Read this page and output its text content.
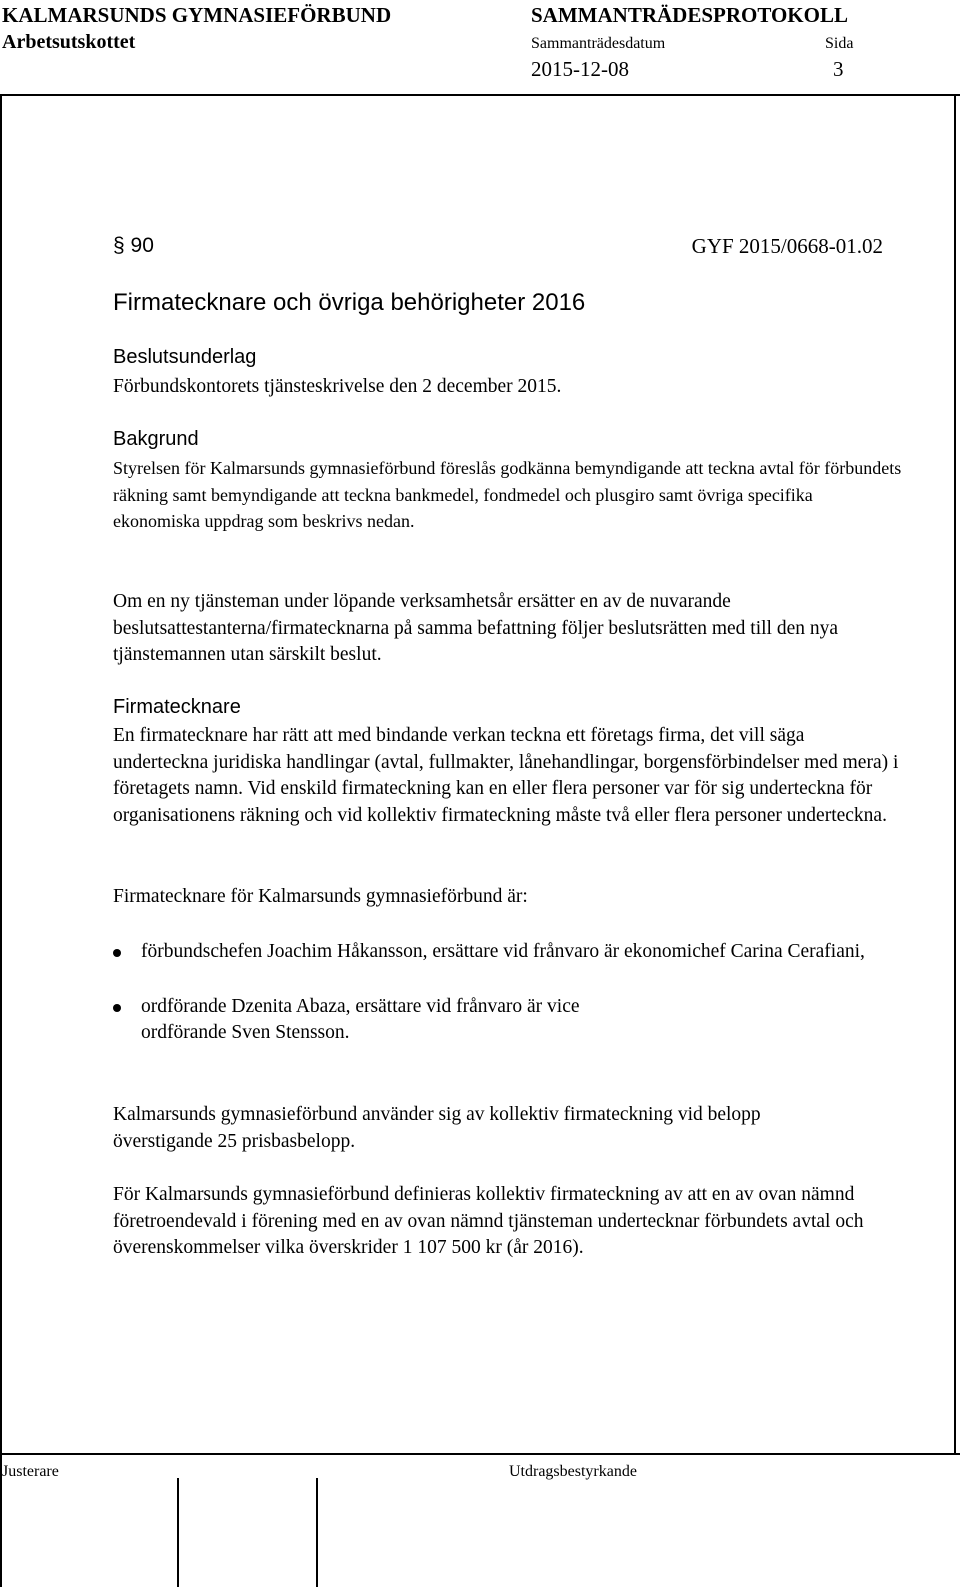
KALMARSUNDS GYMNASIEFÖRBUND	SAMMANTRÄDESPROTOKOLL
Arbetsutskottet	Sammanträdesdatum	Sida
2015-12-08	3
§ 90	GYF 2015/0668-01.02
Firmatecknare och övriga behörigheter 2016
Beslutsunderlag
Förbundskontorets tjänsteskrivelse den 2 december 2015.
Bakgrund
Styrelsen för Kalmarsunds gymnasieförbund föreslås godkänna bemyndigande att teckna avtal för förbundets räkning samt bemyndigande att teckna bankmedel, fondmedel och plusgiro samt övriga specifika ekonomiska uppdrag som beskrivs nedan.
Om en ny tjänsteman under löpande verksamhetsår ersätter en av de nuvarande beslutsattestanterna/firmatecknarna på samma befattning följer beslutsrätten med till den nya tjänstemannen utan särskilt beslut.
Firmatecknare
En firmatecknare har rätt att med bindande verkan teckna ett företags firma, det vill säga underteckna juridiska handlingar (avtal, fullmakter, lånehandlingar, borgensförbindelser med mera) i företagets namn. Vid enskild firmateckning kan en eller flera personer var för sig underteckna för organisationens räkning och vid kollektiv firmateckning måste två eller flera personer underteckna.
Firmatecknare för Kalmarsunds gymnasieförbund är:
förbundschefen Joachim Håkansson, ersättare vid frånvaro är ekonomichef Carina Cerafiani,
ordförande Dzenita Abaza, ersättare vid frånvaro är vice ordförande Sven Stensson.
Kalmarsunds gymnasieförbund använder sig av kollektiv firmateckning vid belopp överstigande 25 prisbasbelopp.
För Kalmarsunds gymnasieförbund definieras kollektiv firmateckning av att en av ovan nämnd företroendevald i förening med en av ovan nämnd tjänsteman undertecknar förbundets avtal och överenskommelser vilka överskrider 1 107 500 kr (år 2016).
Justerare	Utdragsbestyrkande
